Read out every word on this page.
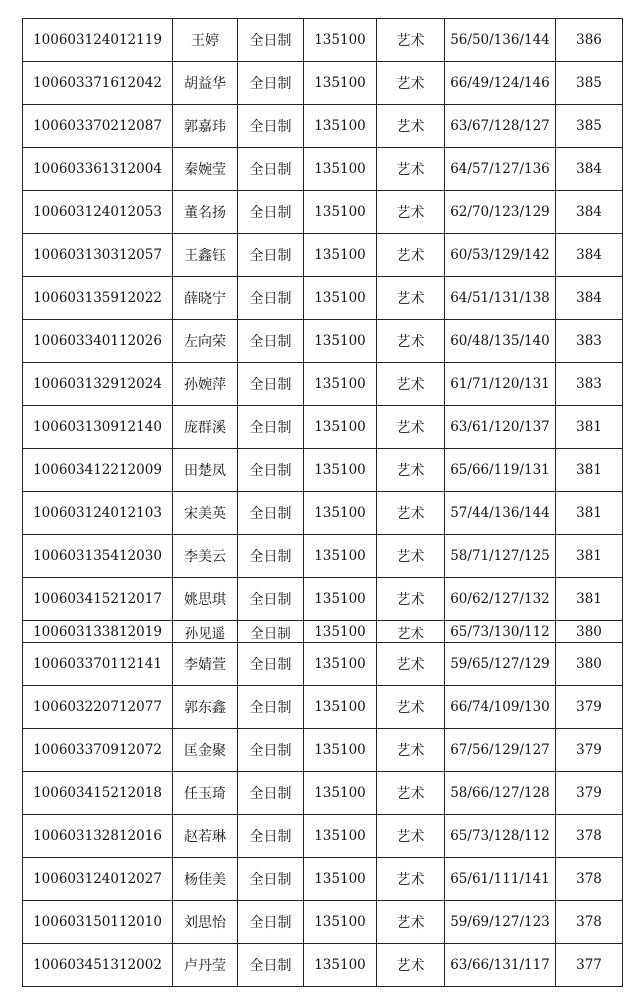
100603124012119	王婷	全日制	135100	艺术	56/50/136/144	386
100603371612042	胡益华	全日制	135100	艺术	66/49/124/146	385
100603370212087	郭嘉玮	全日制	135100	艺术	63/67/128/127	385
100603361312004	秦婉莹	全日制	135100	艺术	64/57/127/136	384
100603124012053	董名扬	全日制	135100	艺术	62/70/123/129	384
100603130312057	王鑫钰	全日制	135100	艺术	60/53/129/142	384
100603135912022	薛晓宁	全日制	135100	艺术	64/51/131/138	384
100603340112026	左向荣	全日制	135100	艺术	60/48/135/140	383
100603132912024	孙婉萍	全日制	135100	艺术	61/71/120/131	383
100603130912140	庞群溪	全日制	135100	艺术	63/61/120/137	381
100603412212009	田楚凤	全日制	135100	艺术	65/66/119/131	381
100603124012103	宋美英	全日制	135100	艺术	57/44/136/144	381
100603135412030	李美云	全日制	135100	艺术	58/71/127/125	381
100603415212017	姚思琪	全日制	135100	艺术	60/62/127/132	381
100603133812019	孙见遥	全日制	135100	艺术	65/73/130/112	380
100603370112141	李婧萱	全日制	135100	艺术	59/65/127/129	380
100603220712077	郭东鑫	全日制	135100	艺术	66/74/109/130	379
100603370912072	匡金聚	全日制	135100	艺术	67/56/129/127	379
100603415212018	任玉琦	全日制	135100	艺术	58/66/127/128	379
100603132812016	赵若琳	全日制	135100	艺术	65/73/128/112	378
100603124012027	杨佳美	全日制	135100	艺术	65/61/111/141	378
100603150112010	刘思怡	全日制	135100	艺术	59/69/127/123	378
100603451312002	卢丹莹	全日制	135100	艺术	63/66/131/117	377
